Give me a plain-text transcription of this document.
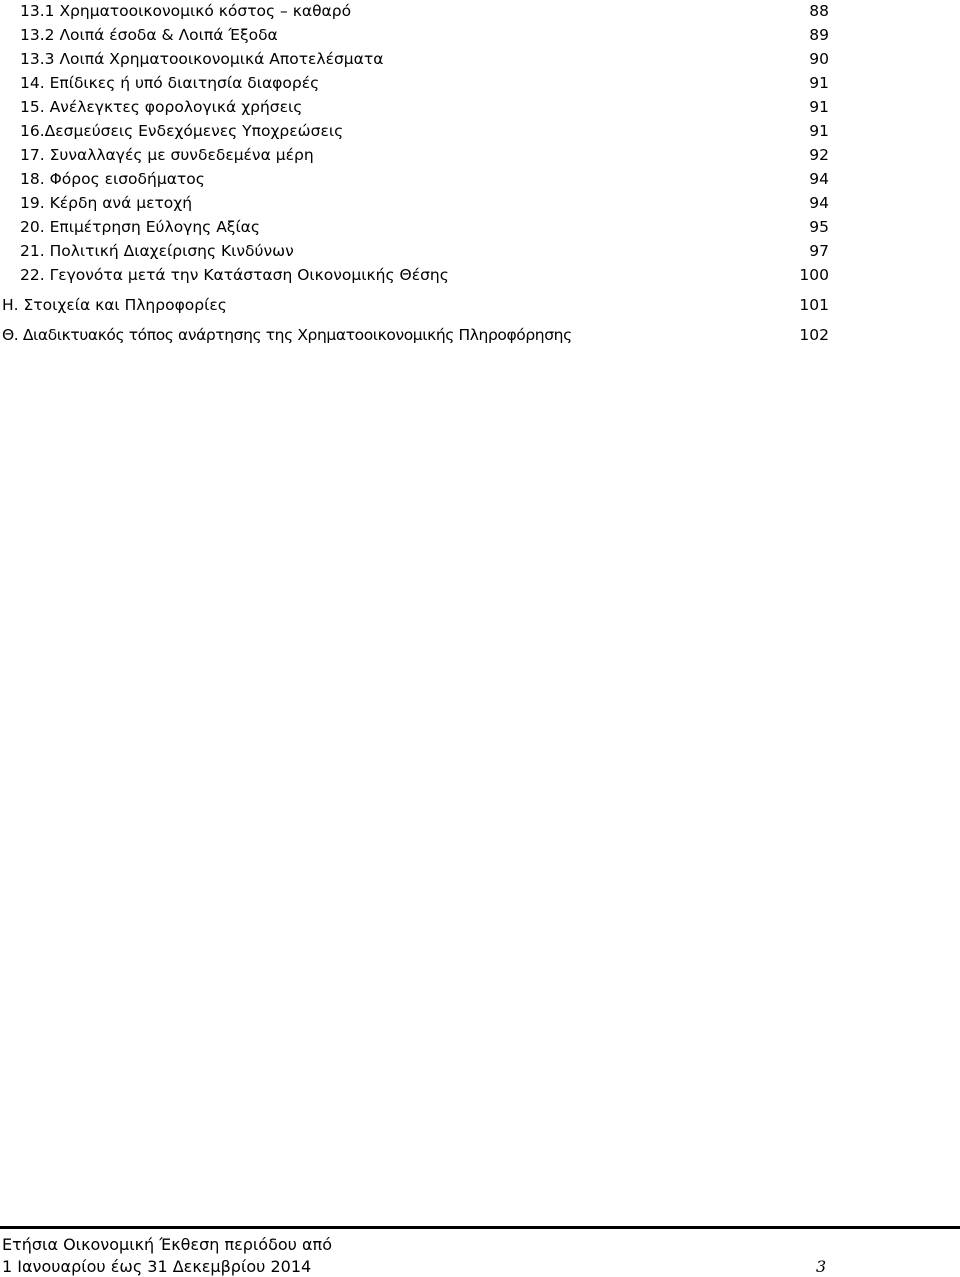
13.1 Χρηματοοικονομικό κόστος – καθαρό	88
13.2 Λοιπά έσοδα & Λοιπά Έξοδα	89
13.3 Λοιπά Χρηματοοικονομικά Αποτελέσματα	90
14. Επίδικες ή υπό διαιτησία διαφορές	91
15. Ανέλεγκτες φορολογικά χρήσεις	91
16.Δεσμεύσεις Ενδεχόμενες Υποχρεώσεις	91
17. Συναλλαγές με συνδεδεμένα μέρη	92
18. Φόρος εισοδήματος	94
19. Κέρδη ανά μετοχή	94
20. Επιμέτρηση Εύλογης Αξίας	95
21. Πολιτική Διαχείρισης Κινδύνων	97
22. Γεγονότα μετά την Κατάσταση Οικονομικής Θέσης	100
Η. Στοιχεία και Πληροφορίες	101
Θ. Διαδικτυακός τόπος ανάρτησης της Χρηματοοικονομικής Πληροφόρησης	102
Ετήσια Οικονομική Έκθεση περιόδου από
1 Ιανουαρίου έως 31 Δεκεμβρίου 2014	3
